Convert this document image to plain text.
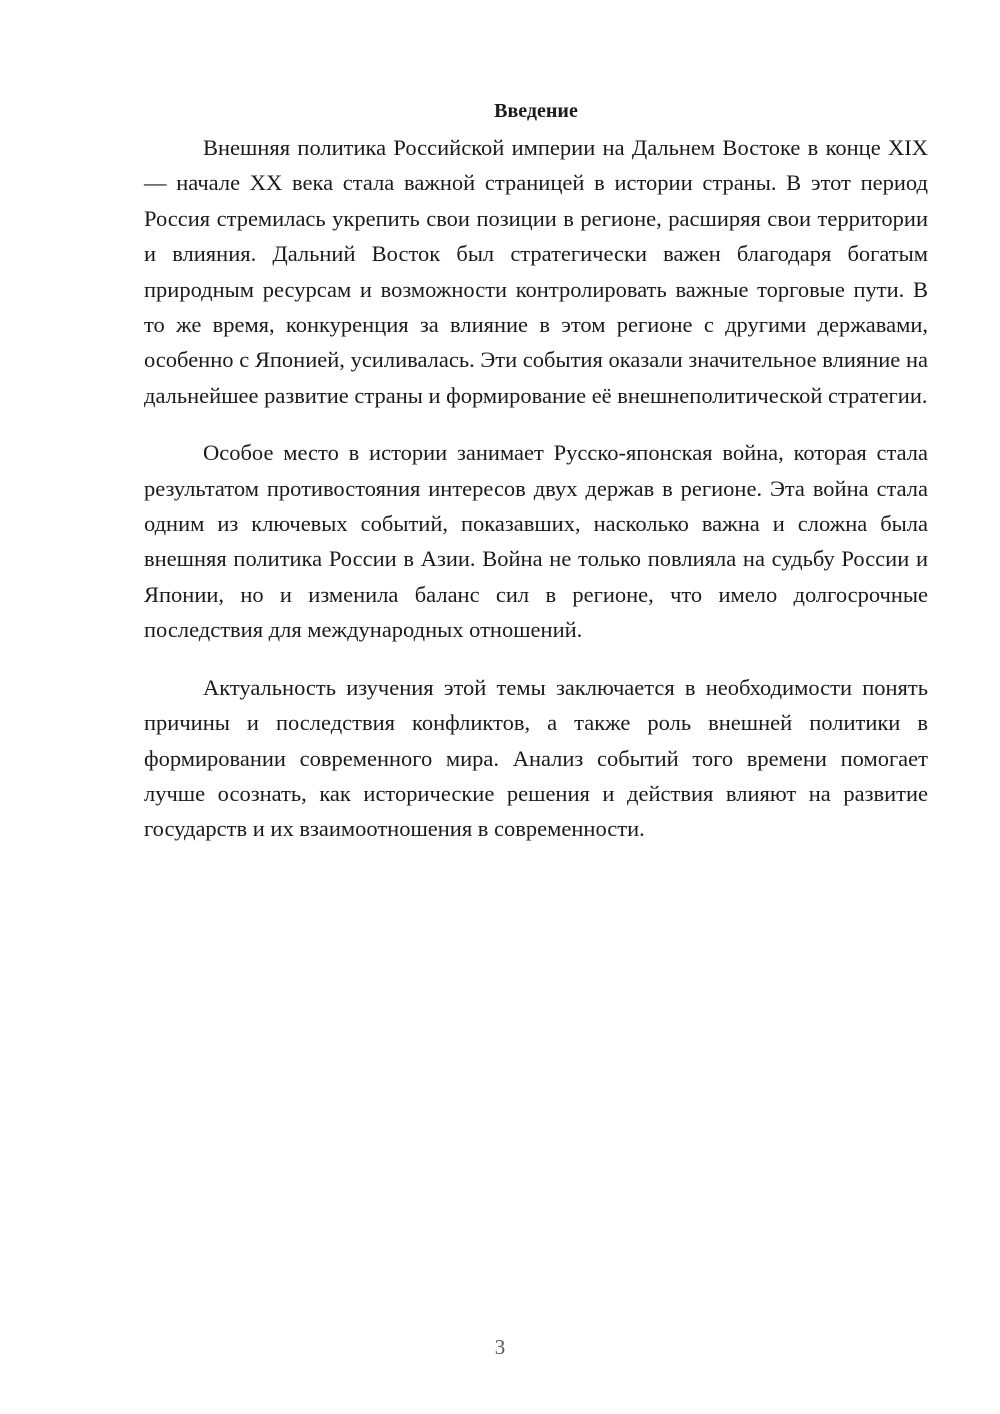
Введение

Внешняя политика Российской империи на Дальнем Востоке в конце XIX — начале XX века стала важной страницей в истории страны. В этот период Россия стремилась укрепить свои позиции в регионе, расширяя свои территории и влияния. Дальний Восток был стратегически важен благодаря богатым природным ресурсам и возможности контролировать важные торговые пути. В то же время, конкуренция за влияние в этом регионе с другими державами, особенно с Японией, усиливалась. Эти события оказали значительное влияние на дальнейшее развитие страны и формирование её внешнеполитической стратегии.

Особое место в истории занимает Русско-японская война, которая стала результатом противостояния интересов двух держав в регионе. Эта война стала одним из ключевых событий, показавших, насколько важна и сложна была внешняя политика России в Азии. Война не только повлияла на судьбу России и Японии, но и изменила баланс сил в регионе, что имело долгосрочные последствия для международных отношений.

Актуальность изучения этой темы заключается в необходимости понять причины и последствия конфликтов, а также роль внешней политики в формировании современного мира. Анализ событий того времени помогает лучше осознать, как исторические решения и действия влияют на развитие государств и их взаимоотношения в современности.

3
